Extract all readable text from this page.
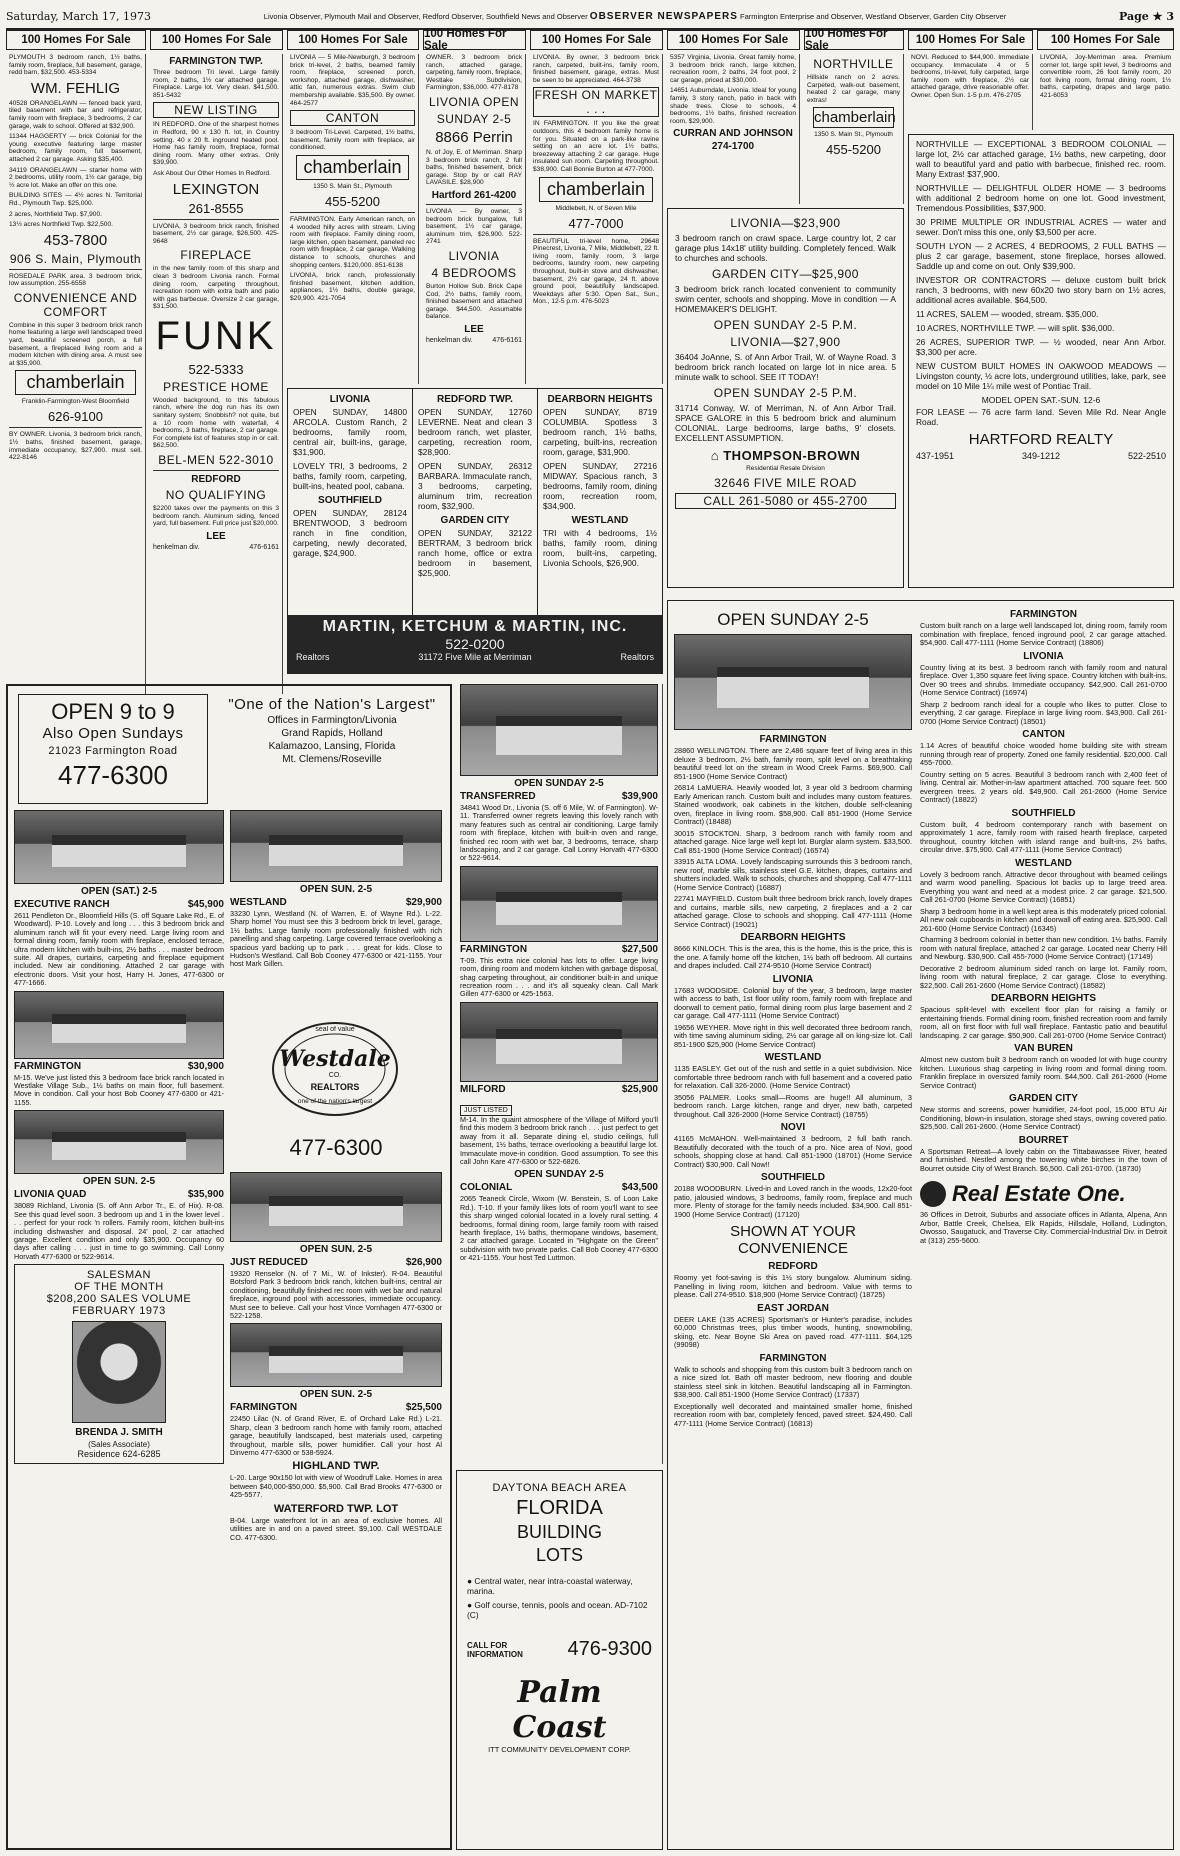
Saturday, March 17, 1973	Livonia Observer, Plymouth Mail and Observer, Redford Observer, Southfield News and Observer OBSERVER NEWSPAPERS Farmington Enterprise and Observer, Westland Observer, Garden City Observer	Page ★ 3
100 Homes For Sale	100 Homes For Sale	100 Homes For Sale	100 Homes For Sale	100 Homes For Sale	100 Homes For Sale	100 Homes For Sale	100 Homes For Sale	100 Homes For Sale

PLYMOUTH 3 bedroom ranch, 1½ baths, family room, fireplace, full basement, garage, redd barn, $32,500. 453-5334

WM. FEHLIG

40528 ORANGELAWN — fenced back yard, tiled basement with bar and refrigerator, family room with fireplace, 3 bedrooms, 2 car garage, walk to school. Offered at $32,900.

11344 HAGGERTY — brick Colonial for the young executive featuring large master bedroom, family room, full basement, attached 2 car garage. Asking $35,400.

34119 ORANGELAWN — starter home with 2 bedrooms, utility room, 1½ car garage, big ½ acre lot. Make an offer on this one.

BUILDING SITES — 4½ acres N. Territorial Rd., Plymouth Twp. $25,000.

2 acres, Northfield Twp. $7,900.

13½ acres Northfield Twp. $22,500.

453-7800
906 S. Main, Plymouth

ROSEDALE PARK area. 3 bedroom brick, low assumption. 255-6558

CONVENIENCE AND COMFORT

Combine in this super 3 bedroom brick ranch home featuring a large well landscaped treed yard, beautiful screened porch, a full basement, a fireplaced living room and a modern kitchen with dining area. A must see at $35,900.

chamberlain
Franklin-Farmington-West Bloomfield
626-9100

BY OWNER. Livonia, 3 bedroom brick ranch, 1½ baths, finished basement, garage, immediate occupancy, $27,900. must sell. 422-8146

FARMINGTON TWP.

Three bedroom Tri level. Large family room, 2 baths, 1½ car attached garage. Fireplace. Large lot. Very clean. $41,500. 851-5432

NEW LISTING

IN REDFORD. One of the sharpest homes in Redford, 90 x 130 ft. lot, in Country setting. 40 x 20 ft. inground heated pool. Home has family room, fireplace, formal dining room. Many other extras. Only $39,900.

Ask About Our Other Homes In Redford.

LEXINGTON
261-8555

LIVONIA, 3 bedroom brick ranch, finished basement, 2½ car garage, $26,500. 425-9648

FIREPLACE

in the new family room of this sharp and clean 3 bedroom Livonia ranch. Formal dining room, carpeting throughout, recreation room with extra bath and patio with gas barbecue. Oversize 2 car garage, $31,500.

FUNK
522-5333
PRESTICE HOME

Wooded background, to this fabulous ranch, where the dog run has its own sanitary system; Snobbish? not quite, but a 10 room home with waterfall, 4 bedrooms, 3 baths, fireplace, 2 car garage. For complete list of features stop in or call. $62,500.

BEL-MEN 522-3010
REDFORD
NO QUALIFYING

$2200 takes over the payments on this 3 bedroom ranch. Aluminum siding, fenced yard, full basement. Full price just $20,000.

LEE
henkelman div.	476-6161

LIVONIA — 5 Mile-Newburgh, 3 bedroom brick tri-level, 2 baths, beamed family room, fireplace, screened porch, workshop, attached garage, dishwasher, attic fan, numerous extras. Swim club membership available. $35,500. By owner. 464-2577

CANTON

3 bedroom Tri-Level. Carpeted, 1½ baths, basement, family room with fireplace, air conditioned.

chamberlain
1350 S. Main St., Plymouth
455-5200

FARMINGTON. Early American ranch, on 4 wooded hilly acres with stream. Living room with fireplace. Family dining room, large kitchen, open basement, paneled rec room with fireplace, 2 car garage. Walking distance to schools, churches and shopping centers. $120,000. 851-6138

LIVONIA, brick ranch, professionally finished basement, kitchen addition, appliances, 1½ baths, double garage, $29,900. 421-7054

OWNER. 3 bedroom brick ranch, attached garage, carpeting, family room, fireplace, Westlake Subdivision, Farmington, $36,000. 477-8178

LIVONIA OPEN
SUNDAY 2-5
8866 Perrin

N. of Joy, E. of Merriman. Sharp 3 bedroom brick ranch, 2 full baths, finished basement, brick garage. Stop by or call RAY LAVASILE. $28,900

Hartford 261-4200

LIVONIA — By owner, 3 bedroom brick bungalow, full basement, 1½ car garage, aluminum trim, $26,900. 522-2741

LIVONIA
4 BEDROOMS

Burton Hollow Sub. Brick Cape Cod, 2½ baths, family room, finished basement and attached garage. $44,500. Assumable balance.

LEE
henkelman div.	476-6161

LIVONIA. By owner, 3 bedroom brick ranch, carpeted, built-ins, family room, finished basement, garage, extras. Must be seen to be appreciated. 464-3738

FRESH ON MARKET . . .

IN FARMINGTON. If you like the great outdoors, this 4 bedroom family home is for you. Situated on a park-like ravine setting on an acre lot. 1½ baths, breezeway attaching 2 car garage. Huge insulated sun room. Carpeting throughout. $38,900. Call Bonnie Burton at 477-7000.

chamberlain
Middlebelt, N. of Seven Mile
477-7000

BEAUTIFUL tri-level home, 29648 Pinecrest, Livonia, 7 Mile, Middlebelt, 22 ft. living room, family room, 3 large bedrooms, laundry room, new carpeting throughout, built-in stove and dishwasher, basement, 2½ car garage, 24 ft. above ground pool, beautifully landscaped. Weekdays after 5:30. Open Sat., Sun., Mon., 12-5 p.m. 476-5023

5357 Virginia, Livonia. Great family home, 3 bedroom brick ranch, large kitchen, recreation room, 2 baths, 24 foot pool, 2 car garage, priced at $30,000.

14651 Auburndale, Livonia. Ideal for young family, 3 story ranch, patio in back with shade trees. Close to schools, 4 bedrooms, 1½ baths, finished recreation room, $29,900.

CURRAN AND JOHNSON
274-1700
NORTHVILLE

Hillside ranch on 2 acres. Carpeted, walk-out basement, heated 2 car garage, many extras!

chamberlain
1350 S. Main St., Plymouth
455-5200

NOVI. Reduced to $44,900. Immediate occupancy. Immaculate 4 or 5 bedrooms, tri-level, fully carpeted, large family room with fireplace, 2½ car attached garage, drive reasonable offer. Owner. Open Sun. 1-5 p.m. 476-2705

LIVONIA, Joy-Merriman area. Premium corner lot, large split level, 3 bedrooms and convertible room, 26 foot family room, 20 foot living room, formal dining room, 1½ baths, carpeting, drapes and large patio. 421-6053

NORTHVILLE — EXCEPTIONAL 3 BEDROOM COLONIAL — large lot, 2½ car attached garage, 1½ baths, new carpeting, door wall to beautiful yard and patio with barbecue, finished rec. room. Many Extras! $37,900.

NORTHVILLE — DELIGHTFUL OLDER HOME — 3 bedrooms with additional 2 bedroom home on one lot. Good investment, Tremendous Possibilities, $37,900.

30 PRIME MULTIPLE OR INDUSTRIAL ACRES — water and sewer. Don't miss this one, only $3,500 per acre.

SOUTH LYON — 2 ACRES, 4 BEDROOMS, 2 FULL BATHS — plus 2 car garage, basement, stone fireplace, horses allowed. Saddle up and come on out. Only $39,900.

INVESTOR OR CONTRACTORS — deluxe custom built brick ranch, 3 bedrooms, with new 60x20 two story barn on 1½ acres, additional acres available. $64,500.

11 ACRES, SALEM — wooded, stream. $35,000.

10 ACRES, NORTHVILLE TWP. — will split. $36,000.

26 ACRES, SUPERIOR TWP. — ½ wooded, near Ann Arbor. $3,300 per acre.

NEW CUSTOM BUILT HOMES IN OAKWOOD MEADOWS — Livingston county, ½ acre lots, underground utilities, lake, park, see model on 10 Mile 1¼ mile west of Pontiac Trail.

MODEL OPEN SAT.-SUN. 12-6

FOR LEASE — 76 acre farm land. Seven Mile Rd. Near Angle Road.

HARTFORD REALTY
437-1951	349-1212	522-2510
LIVONIA—$23,900

3 bedroom ranch on crawl space. Large country lot, 2 car garage plus 14x18' utility building. Completely fenced. Walk to churches and schools.

GARDEN CITY—$25,900

3 bedroom brick ranch located convenient to community swim center, schools and shopping. Move in condition — A HOMEMAKER'S DELIGHT.

OPEN SUNDAY 2-5 P.M.
LIVONIA—$27,900

36404 JoAnne, S. of Ann Arbor Trail, W. of Wayne Road. 3 bedroom brick ranch located on large lot in nice area. 5 minute walk to school. SEE IT TODAY!

OPEN SUNDAY 2-5 P.M.

31714 Conway, W. of Merriman, N. of Ann Arbor Trail. SPACE GALORE in this 5 bedroom brick and aluminum COLONIAL. Large bedrooms, large baths, 9' closets. EXCELLENT ASSUMPTION.

⌂ THOMPSON-BROWN
Residential Resale Division
32646 FIVE MILE ROAD
CALL 261-5080 or 455-2700
LIVONIA

OPEN SUNDAY, 14800 ARCOLA. Custom Ranch, 2 bedrooms, family room, central air, built-ins, garage, $31,900.

LOVELY TRI, 3 bedrooms, 2 baths, family room, carpeting, built-ins, heated pool, cabana.

SOUTHFIELD

OPEN SUNDAY, 28124 BRENTWOOD, 3 bedroom ranch in fine condition, carpeting, newly decorated, garage, $24,900.

REDFORD TWP.

OPEN SUNDAY, 12760 LEVERNE. Neat and clean 3 bedroom ranch, wet plaster, carpeting, recreation room, $28,900.

OPEN SUNDAY, 26312 BARBARA. Immaculate ranch, 3 bedrooms, carpeting, aluminum trim, recreation room, $32,900.

GARDEN CITY

OPEN SUNDAY, 32122 BERTRAM, 3 bedroom brick ranch home, office or extra bedroom in basement, $25,900.

DEARBORN HEIGHTS

OPEN SUNDAY, 8719 COLUMBIA. Spotless 3 bedroom ranch, 1½ baths, carpeting, built-ins, recreation room, garage, $31,900.

OPEN SUNDAY, 27216 MIDWAY. Spacious ranch, 3 bedrooms, family room, dining room, recreation room, $34,900.

WESTLAND

TRI with 4 bedrooms, 1½ baths, family room, dining room, built-ins, carpeting, Livonia Schools, $26,900.

MARTIN, KETCHUM & MARTIN, INC.
522-0200
Realtors	31172 Five Mile at Merriman	Realtors
OPEN 9 to 9
Also Open Sundays
21023 Farmington Road
477-6300
"One of the Nation's Largest"
Offices in Farmington/Livonia
Grand Rapids, Holland
Kalamazoo, Lansing, Florida
Mt. Clemens/Roseville
OPEN (SAT.) 2-5
EXECUTIVE RANCH	$45,900

2611 Pendleton Dr., Bloomfield Hills (S. off Square Lake Rd., E. of Woodward). P-10. Lovely and long . . . this 3 bedroom brick and aluminum ranch will fit your every need. Large living room and formal dining room, family room with fireplace, enclosed terrace, ultra modern kitchen with built-ins, 2½ baths . . . master bedroom suite. All drapes, curtains, carpeting and fireplace equipment included. New air conditioning. Attached 2 car garage with electronic doors. Visit your host, Harry H. Jones, 477-6300 or 477-1666.

FARMINGTON	$30,900

M-15. We've just listed this 3 bedroom face brick ranch located in Westlake Village Sub., 1½ baths on main floor, full basement. Move in condition. Call your host Bob Cooney 477-6300 or 421-1155.

OPEN SUN. 2-5
LIVONIA QUAD	$35,900

38089 Richland, Livonia (S. off Ann Arbor Tr., E. of Hix). R-08. See this quad level soon. 3 bedroom up and 1 in the lower level . . . perfect for your rock 'n rollers. Family room, kitchen built-ins including dishwasher and disposal. 24' pool, 2 car attached garage. Excellent condition and only $35,900. Occupancy 60 days after calling . . . just in time to go swimming. Call Lonny Horvath 477-6300 or 522-9614.

SALESMAN
OF THE MONTH
$208,200 SALES VOLUME
FEBRUARY 1973
BRENDA J. SMITH
(Sales Associate)
Residence 624-6285
OPEN SUN. 2-5
WESTLAND	$29,900

33230 Lynn, Westland (N. of Warren, E. of Wayne Rd.). L-22. Sharp home! You must see this 3 bedroom brick tri level, garage, 1½ baths. Large family room professionally finished with rich panelling and shag carpeting. Large covered terrace overlooking a spacious yard backing up to park . . . great for kids. Close to Hudson's Westland. Call Bob Cooney 477-6300 or 421-1155. Your host Mark Gillen.

seal of value
Westdale
CO.
REALTORS
one of the nation's largest
477-6300
OPEN SUN. 2-5
JUST REDUCED	$26,900

19320 Renselor (N. of 7 Mi., W. of Inkster). R-04. Beautiful Botsford Park 3 bedroom brick ranch, kitchen built-ins, central air conditioning, beautifully finished rec room with wet bar and natural fireplace, inground pool with accessories, immediate occupancy. Must see to believe. Call your host Vince Vornhagen 477-6300 or 522-1258.

OPEN SUN. 2-5
FARMINGTON	$25,500

22450 Lilac (N. of Grand River, E. of Orchard Lake Rd.) L-21. Sharp, clean 3 bedroom ranch home with family room, attached garage, beautifully landscaped, best materials used, carpeting throughout, marble sills, power humidifier. Call your host Al Dinverno 477-6300 or 538-5924.

HIGHLAND TWP.

L-20. Large 90x150 lot with view of Woodruff Lake. Homes in area between $40,000-$50,000. $5,900. Call Brad Brooks 477-6300 or 425-5577.

WATERFORD TWP. LOT

B-04. Large waterfront lot in an area of exclusive homes. All utilities are in and on a paved street. $9,100. Call WESTDALE CO. 477-6300.

OPEN SUNDAY 2-5
TRANSFERRED	$39,900

34841 Wood Dr., Livonia (S. off 6 Mile, W. of Farmington). W-11. Transferred owner regrets leaving this lovely ranch with many features such as central air conditioning. Large family room with fireplace, kitchen with built-in oven and range, finished rec room with wet bar, 3 bedrooms, terrace, sharp landscaping, and 2 car garage. Call Lonny Horvath 477-6300 or 522-9614.

FARMINGTON	$27,500

T-09. This extra nice colonial has lots to offer. Large living room, dining room and modern kitchen with garbage disposal, shag carpeting throughout, air conditioner built-in and unique recreation room . . . and it's all squeaky clean. Call Mark Gillen 477-6300 or 425-1563.

MILFORD	$25,900
JUST LISTED

M-14. In the quaint atmosphere of the Village of Milford you'll find this modern 3 bedroom brick ranch . . . just perfect to get away from it all. Separate dining el, studio ceilings, full basement, 1½ baths, terrace overlooking a beautiful large lot. Immaculate move-in condition. Good assumption. To see this call John Kare 477-6300 or 522-6826.

OPEN SUNDAY 2-5
COLONIAL	$43,500

2065 Teaneck Circle, Wixom (W. Benstein, S. of Loon Lake Rd.). T-10. If your family likes lots of room you'll want to see this sharp winged colonial located in a lovely rural setting. 4 bedrooms, formal dining room, large family room with raised hearth fireplace, 1½ baths, thermopane windows, basement, 2 car attached garage. Located in "Highgate on the Green" subdivision with two private parks. Call Bob Cooney 477-6300 or 421-1155. Your host Ted Luttmon.

DAYTONA BEACH AREA
FLORIDA
BUILDING
LOTS

● Central water, near intra-coastal waterway, marina.

● Golf course, tennis, pools and ocean. AD-7102 (C)

CALL FOR INFORMATION 476-9300
Palm Coast
ITT COMMUNITY DEVELOPMENT CORP.
OPEN SUNDAY 2-5
FARMINGTON

28860 WELLINGTON. There are 2,486 square feet of living area in this deluxe 3 bedroom, 2½ bath, family room, split level on a breathtaking beautiful treed lot on the stream in Wood Creek Farms. $69,900. Call 851-1900 (Home Service Contract)

26814 LaMUERA. Heavily wooded lot, 3 year old 3 bedroom charming Early American ranch. Custom built and includes many custom features. Stained woodwork, oak cabinets in the kitchen, double self-cleaning oven, fireplace in living room. $58,900. Call 851-1900 (Home Service Contract) (18488)

30015 STOCKTON. Sharp, 3 bedroom ranch with family room and attached garage. Nice large well kept lot. Burglar alarm system. $33,500. Call 851-1900 (Home Service Contract) (16574)

33915 ALTA LOMA. Lovely landscaping surrounds this 3 bedroom ranch, new roof, marble sills, stainless steel G.E. kitchen, drapes, curtains and shutters included. Walk to schools, churches and shopping. Call 477-1111 (Home Service Contract) (16887)

22741 MAYFIELD. Custom built three bedroom brick ranch, lovely drapes and curtains, marble sills, new carpeting, 2 fireplaces and a 2 car attached garage. Close to schools and shopping. Call 477-1111 (Home Service Contract) (19021)

DEARBORN HEIGHTS

8666 KINLOCH. This is the area, this is the home, this is the price, this is the one. A family home off the kitchen, 1½ bath off bedroom. All curtains and drapes included. Call 274-9510 (Home Service Contract)

LIVONIA

17683 WOODSIDE. Colonial buy of the year, 3 bedroom, large master with access to bath, 1st floor utility room, family room with fireplace and doorwall to cement patio, formal dining room plus large basement and 2 car garage. Call 477-1111 (Home Service Contract)

19656 WEYHER. Move right in this well decorated three bedroom ranch, with time saving aluminum siding, 2½ car garage all on king-size lot. Call 851-1900 $25,900 (Home Service Contract)

WESTLAND

1135 EASLEY. Get out of the rush and settle in a quiet subdivision. Nice comfortable three bedroom ranch with full basement and a covered patio for relaxation. Call 326-2000. (Home Service Contract)

35056 PALMER. Looks small—Rooms are huge!! All aluminum, 3 bedroom ranch. Large kitchen, range and dryer, new bath, carpeted throughout. Call 326-2000 (Home Service Contract) (18755)

NOVI

41165 McMAHON. Well-maintained 3 bedroom, 2 full bath ranch. Beautifully decorated with the touch of a pro. Nice area of Novi, good schools, shopping close at hand. Call 851-1900 (18701) (Home Service Contract) $30,900. Call Now!!

SOUTHFIELD

20188 WOODBURN. Lived-in and Loved ranch in the woods, 12x20-foot patio, jalousied windows, 3 bedrooms, family room, fireplace and much more. Plenty of storage for the family needs included. $34,900. Call 851-1900 (Home Service Contract) (17120)

SHOWN AT YOUR CONVENIENCE
REDFORD

Roomy yet foot-saving is this 1½ story bungalow. Aluminum siding. Panelling in living room, kitchen and bedroom. Value with terms to please. Call 274-9510. $18,900 (Home Service Contract) (18725)

EAST JORDAN

DEER LAKE (135 ACRES) Sportsman's or Hunter's paradise, includes 60,000 Christmas trees, plus timber woods, hunting, snowmobiling, skiing, etc. Near Boyne Ski Area on paved road. 477-1111. $64,125 (99098)

FARMINGTON

Walk to schools and shopping from this custom built 3 bedroom ranch on a nice sized lot. Bath off master bedroom, new flooring and double stainless steel sink in kitchen. Beautiful landscaping all in Farmington. $38,900. Call 851-1900 (Home Service Contract) (17337)

Exceptionally well decorated and maintained smaller home, finished recreation room with bar, completely fenced, paved street. $24,490. Call 477-1111 (Home Service Contract) (16813)

FARMINGTON

Custom built ranch on a large well landscaped lot, dining room, family room combination with fireplace, fenced inground pool, 2 car garage attached. $54,900. Call 477-1111 (Home Service Contract) (18806)

LIVONIA

Country living at its best. 3 bedroom ranch with family room and natural fireplace. Over 1,350 square feet living space. Country kitchen with built-ins. Over 90 trees and shrubs. Immediate occupancy. $42,900. Call 261-0700 (Home Service Contract) (16974)

Sharp 2 bedroom ranch ideal for a couple who likes to putter. Close to everything, 2 car garage. Fireplace in large living room. $43,900. Call 261-0700 (Home Service Contract) (18501)

CANTON

1.14 Acres of beautiful choice wooded home building site with stream running through rear of property. Zoned one family residential. $20,000. Call 455-7000.

Country setting on 5 acres. Beautiful 3 bedroom ranch with 2,400 feet of living. Central air. Mother-in-law apartment attached. 700 square feet. 500 evergreen trees. 2 years old. $49,900. Call 261-2600 (Home Service Contract) (18822)

SOUTHFIELD

Custom built, 4 bedroom contemporary ranch with basement on approximately 1 acre, family room with raised hearth fireplace, carpeted throughout, country kitchen with island range and built-ins, 2½ baths, circular drive. $75,900. Call 477-1111 (Home Service Contract)

WESTLAND

Lovely 3 bedroom ranch. Attractive decor throughout with beamed ceilings and warm wood panelling. Spacious lot backs up to large treed area. Everything you want and need at a modest price. 2 car garage. $21,500. Call 261-0700 (Home Service Contract) (16851)

Sharp 3 bedroom home in a well kept area is this moderately priced colonial. All new oak cupboards in kitchen and doorwall off eating area. $25,900. Call 261-600 (Home Service Contract) (16345)

Charming 3 bedroom colonial in better than new condition. 1½ baths. Family room with natural fireplace, attached 2 car garage. Located near Cherry Hill and Newburg. $30,900. Call 455-7000 (Home Service Contract) (17149)

Decorative 2 bedroom aluminum sided ranch on large lot. Family room, living room with natural fireplace, 2 car garage. Close to everything. $22,500. Call 261-2600 (Home Service Contract) (18582)

DEARBORN HEIGHTS

Spacious split-level with excellent floor plan for raising a family or entertaining friends. Formal dining room, finished recreation room and family room, all on first floor with full wall fireplace. Fantastic patio and beautiful landscaping. 2 car garage. $50,900. Call 261-0700 (Home Service Contract)

VAN BUREN

Almost new custom built 3 bedroom ranch on wooded lot with huge country kitchen. Luxurious shag carpeting in living room and formal dining room. Franklin fireplace in oversized family room. $44,500. Call 261-2600 (Home Service Contract)

GARDEN CITY

New storms and screens, power humidifier, 24-foot pool, 15,000 BTU Air Conditioning, blown-in insulation, storage shed stays, owning covered patio. $25,500. Call 261-2600. (Home Service Contract)

BOURRET

A Sportsman Retreat—A lovely cabin on the Tittabawassee River, heated and furnished. Nestled among the towering white birches in the town of Bourret outside City of West Branch. $6,500. Call 261-0700. (18730)

Real Estate One.

36 Offices in Detroit, Suburbs and associate offices in Atlanta, Alpena, Ann Arbor, Battle Creek, Chelsea, Elk Rapids, Hillsdale, Holland, Ludington, Owosso, Saugatuck, and Traverse City. Commercial-Industrial Div. in Detroit at (313) 255-5600.
